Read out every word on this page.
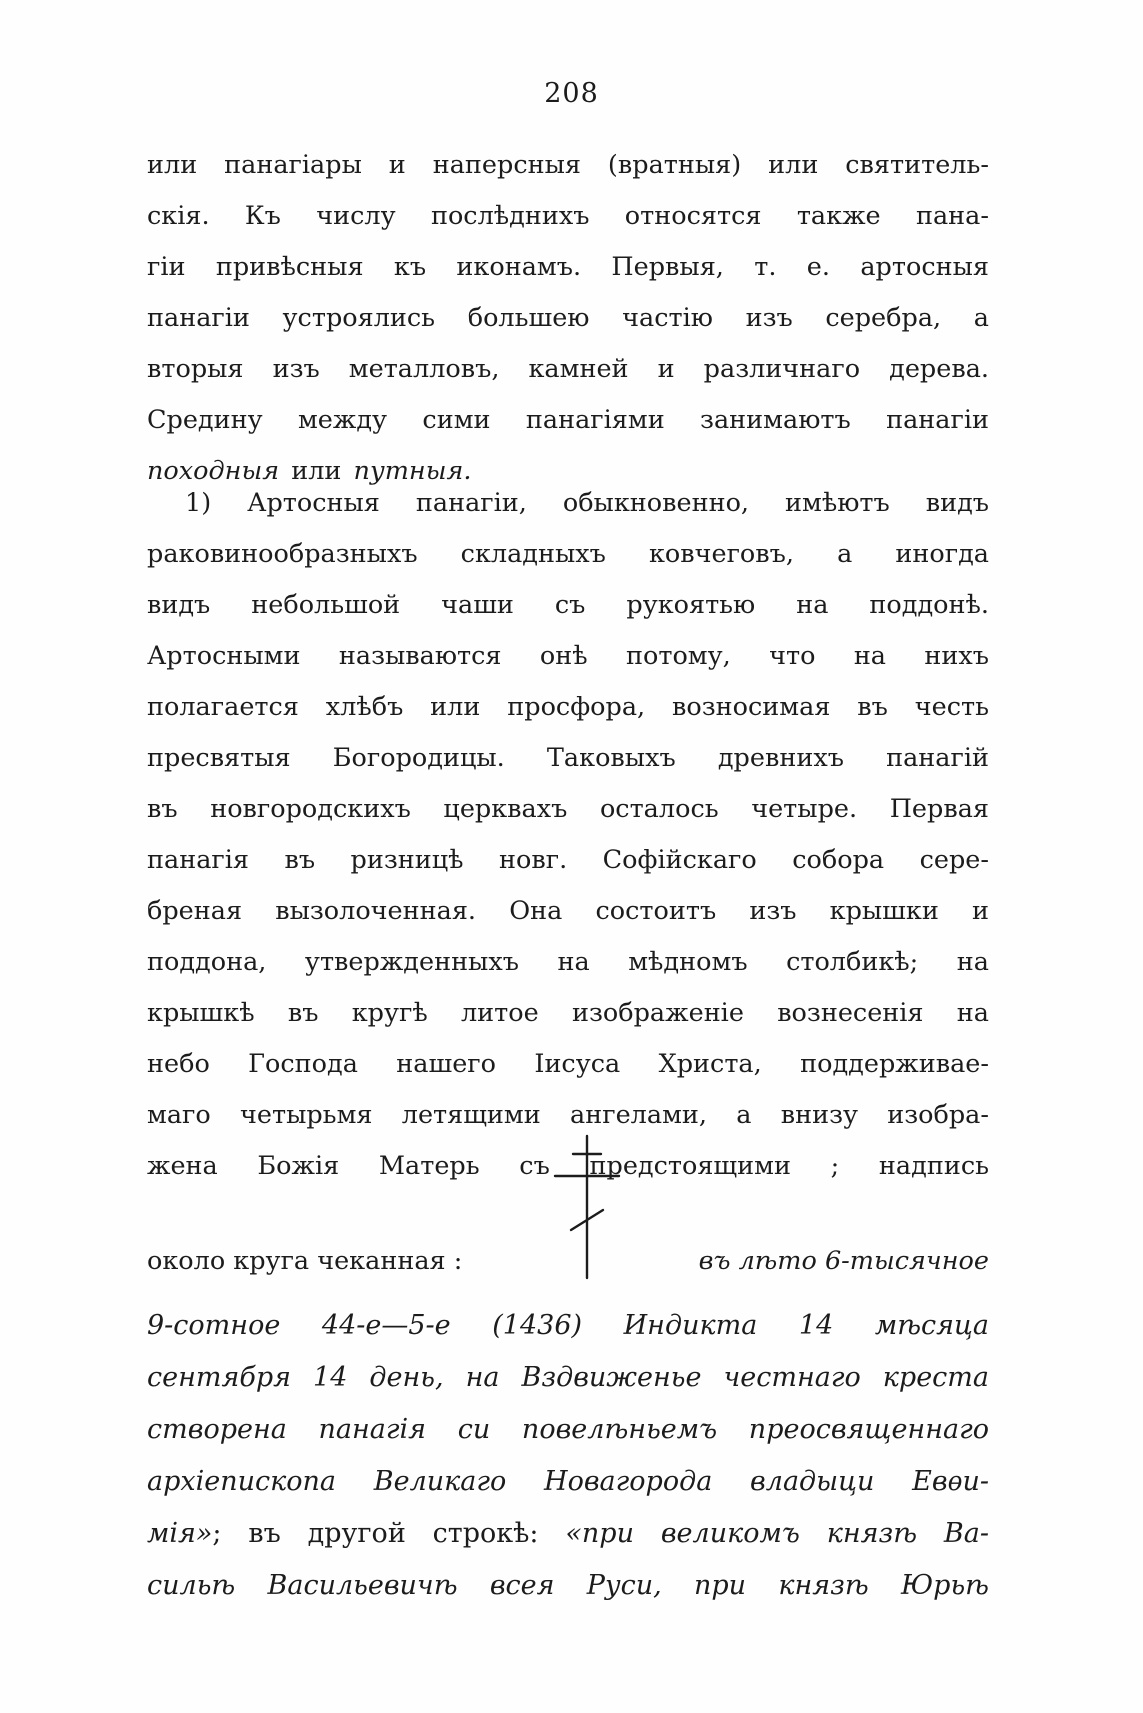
208
или панагіары и наперсныя (вратныя) или святитель-
скія. Къ числу послѣднихъ относятся также пана-
гіи привѣсныя къ иконамъ. Первыя, т. е. артосныя
панагіи устроялись большею частію изъ серебра, а
вторыя изъ металловъ, камней и различнаго дерева.
Средину между сими панагіями занимаютъ панагіи
походныя или путныя.
1) Артосныя панагіи, обыкновенно, имѣютъ видъ
раковинообразныхъ складныхъ ковчеговъ, а иногда
видъ небольшой чаши съ рукоятью на поддонѣ.
Артосными называются онѣ потому, что на нихъ
полагается хлѣбъ или просфора, возносимая въ честь
пресвятыя Богородицы. Таковыхъ древнихъ панагій
въ новгородскихъ церквахъ осталось четыре. Первая
панагія въ ризницѣ новг. Софійскаго собора сере-
бреная вызолоченная. Она состоитъ изъ крышки и
поддона, утвержденныхъ на мѣдномъ столбикѣ; на
крышкѣ въ кругѣ литое изображеніе вознесенія на
небо Господа нашего Іисуса Христа, поддерживае-
маго четырьмя летящими ангелами, а внизу изобра-
жена Божія Матерь съ предстоящими ; надпись
около круга чеканная :	въ лѣто 6-тысячное
9-сотное 44-е—5-е (1436) Индикта 14 мѣсяца
сентября 14 день, на Вздвиженье честнаго креста
створена панагія си повелѣньемъ преосвященнаго
архіепископа Великаго Новагорода владыци Евѳи-
мія»; въ другой строкѣ: «при великомъ князѣ Ва-
сильѣ Васильевичѣ всея Руси, при князѣ Юрьѣ
